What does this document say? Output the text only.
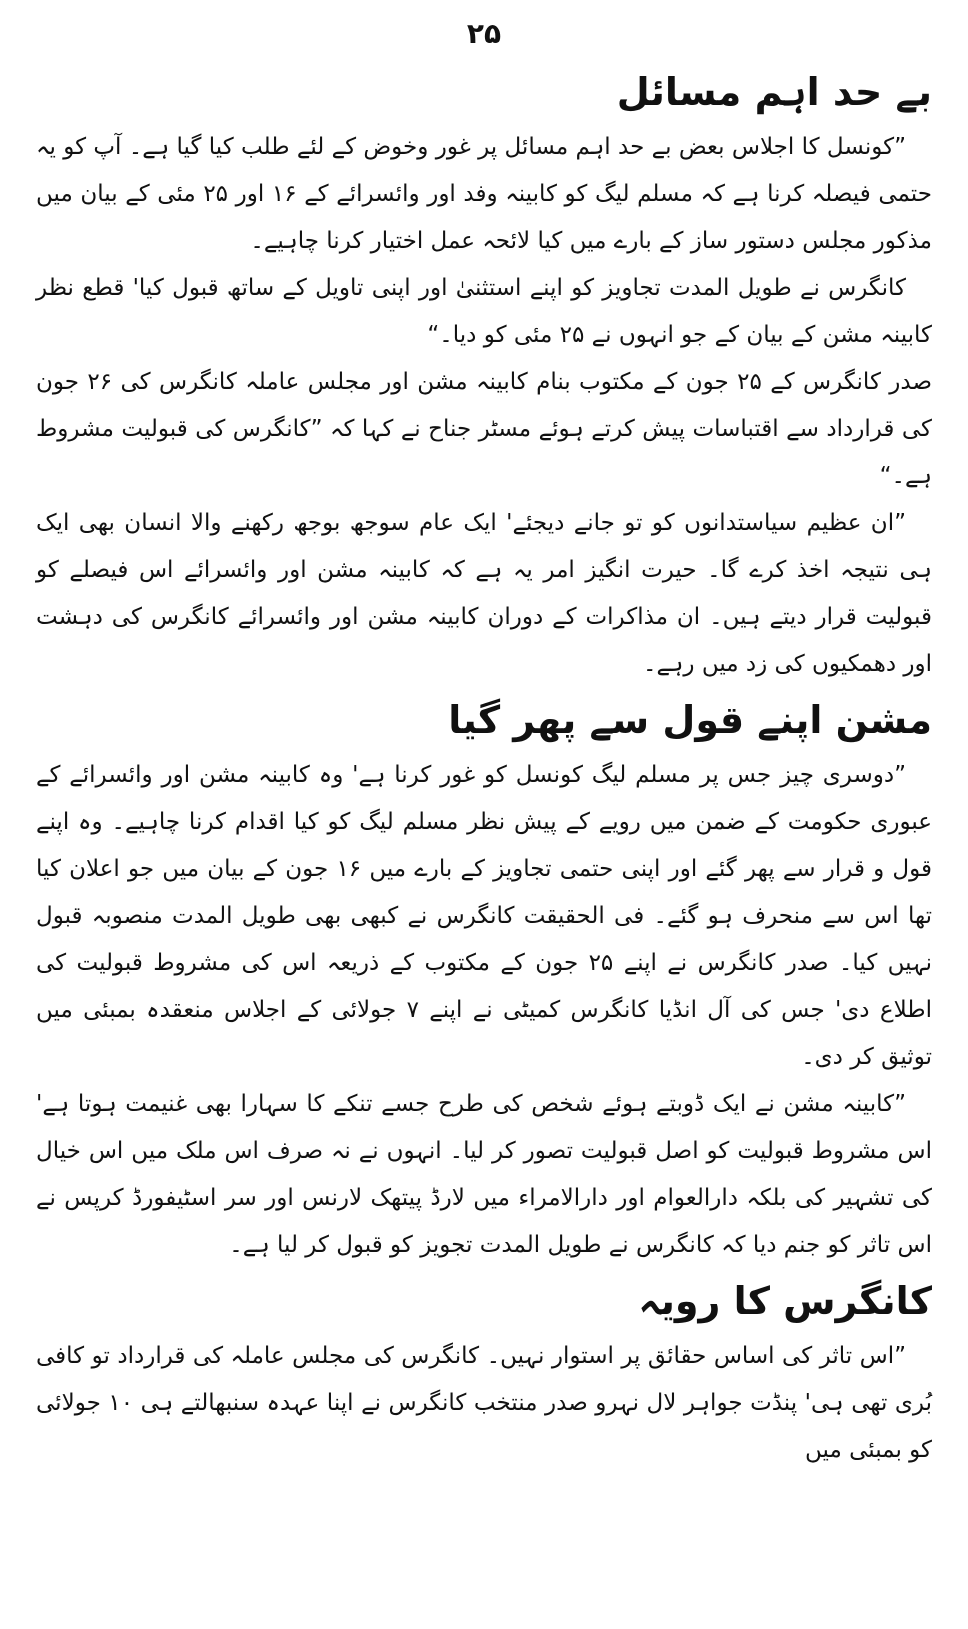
۲۵
بے حد اہم مسائل

”کونسل کا اجلاس بعض بے حد اہم مسائل پر غور وخوض کے لئے طلب کیا گیا ہے۔ آپ کو یہ حتمی فیصلہ کرنا ہے کہ مسلم لیگ کو کابینہ وفد اور وائسرائے کے ۱۶ اور ۲۵ مئی کے بیان میں مذکور مجلس دستور ساز کے بارے میں کیا لائحہ عمل اختیار کرنا چاہیے۔

کانگرس نے طویل المدت تجاویز کو اپنے استثنیٰ اور اپنی تاویل کے ساتھ قبول کیا' قطع نظر کابینہ مشن کے بیان کے جو انہوں نے ۲۵ مئی کو دیا۔“

صدر کانگرس کے ۲۵ جون کے مکتوب بنام کابینہ مشن اور مجلس عاملہ کانگرس کی ۲۶ جون کی قرارداد سے اقتباسات پیش کرتے ہوئے مسٹر جناح نے کہا کہ ”کانگرس کی قبولیت مشروط ہے۔“

”ان عظیم سیاستدانوں کو تو جانے دیجئے' ایک عام سوجھ بوجھ رکھنے والا انسان بھی ایک ہی نتیجہ اخذ کرے گا۔ حیرت انگیز امر یہ ہے کہ کابینہ مشن اور وائسرائے اس فیصلے کو قبولیت قرار دیتے ہیں۔ ان مذاکرات کے دوران کابینہ مشن اور وائسرائے کانگرس کی دہشت اور دھمکیوں کی زد میں رہے۔

مشن اپنے قول سے پھر گیا

”دوسری چیز جس پر مسلم لیگ کونسل کو غور کرنا ہے' وہ کابینہ مشن اور وائسرائے کے عبوری حکومت کے ضمن میں رویے کے پیش نظر مسلم لیگ کو کیا اقدام کرنا چاہیے۔ وہ اپنے قول و قرار سے پھر گئے اور اپنی حتمی تجاویز کے بارے میں ۱۶ جون کے بیان میں جو اعلان کیا تھا اس سے منحرف ہو گئے۔ فی الحقیقت کانگرس نے کبھی بھی طویل المدت منصوبہ قبول نہیں کیا۔ صدر کانگرس نے اپنے ۲۵ جون کے مکتوب کے ذریعہ اس کی مشروط قبولیت کی اطلاع دی' جس کی آل انڈیا کانگرس کمیٹی نے اپنے ۷ جولائی کے اجلاس منعقدہ بمبئی میں توثیق کر دی۔

”کابینہ مشن نے ایک ڈوبتے ہوئے شخص کی طرح جسے تنکے کا سہارا بھی غنیمت ہوتا ہے' اس مشروط قبولیت کو اصل قبولیت تصور کر لیا۔ انہوں نے نہ صرف اس ملک میں اس خیال کی تشہیر کی بلکہ دارالعوام اور دارالامراء میں لارڈ پیتھک لارنس اور سر اسٹیفورڈ کرپس نے اس تاثر کو جنم دیا کہ کانگرس نے طویل المدت تجویز کو قبول کر لیا ہے۔

کانگرس کا رویہ

”اس تاثر کی اساس حقائق پر استوار نہیں۔ کانگرس کی مجلس عاملہ کی قرارداد تو کافی بُری تھی ہی' پنڈت جواہر لال نہرو صدر منتخب کانگرس نے اپنا عہدہ سنبھالتے ہی ۱۰ جولائی کو بمبئی میں
